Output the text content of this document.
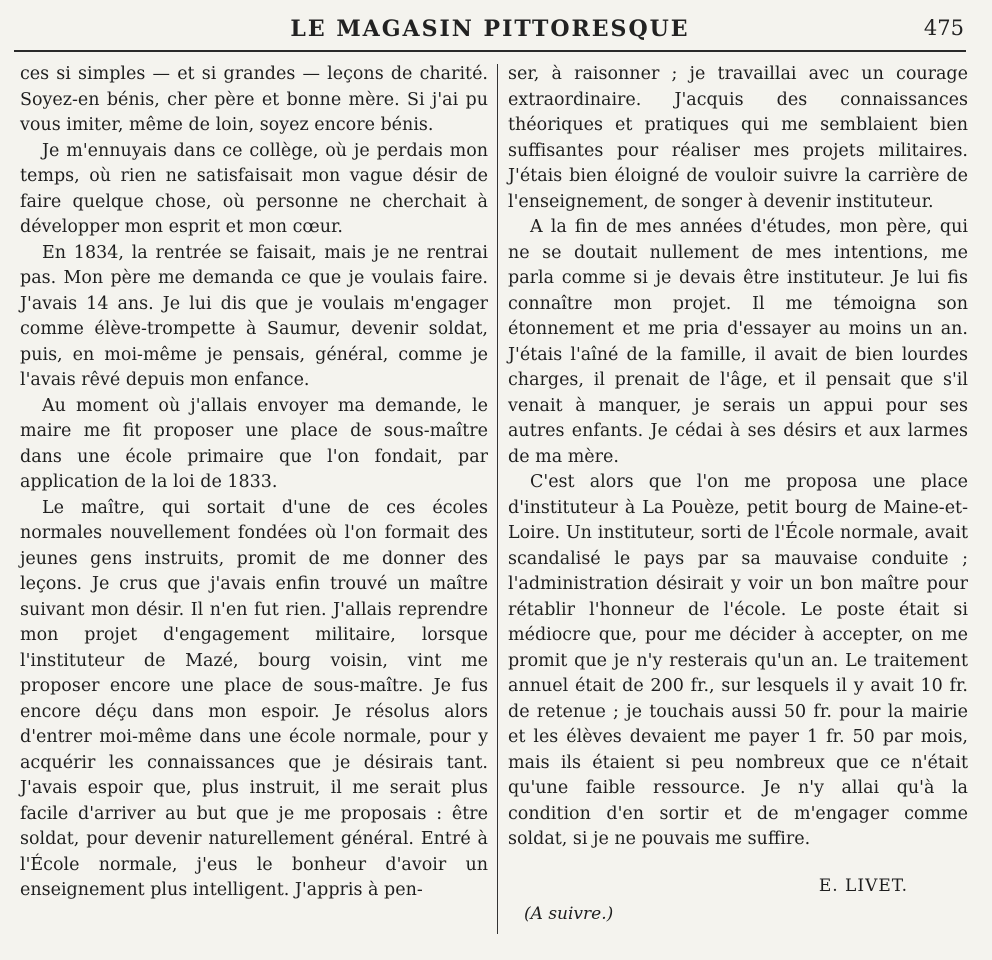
LE MAGASIN PITTORESQUE	475

ces si simples — et si grandes — leçons de charité. Soyez-en bénis, cher père et bonne mère. Si j'ai pu vous imiter, même de loin, soyez encore bénis.

Je m'ennuyais dans ce collège, où je perdais mon temps, où rien ne satisfaisait mon vague désir de faire quelque chose, où personne ne cherchait à développer mon esprit et mon cœur.

En 1834, la rentrée se faisait, mais je ne rentrai pas. Mon père me demanda ce que je voulais faire. J'avais 14 ans. Je lui dis que je voulais m'engager comme élève-trompette à Saumur, devenir soldat, puis, en moi-même je pensais, général, comme je l'avais rêvé depuis mon enfance.

Au moment où j'allais envoyer ma demande, le maire me fit proposer une place de sous-maître dans une école primaire que l'on fondait, par application de la loi de 1833.

Le maître, qui sortait d'une de ces écoles normales nouvellement fondées où l'on formait des jeunes gens instruits, promit de me donner des leçons. Je crus que j'avais enfin trouvé un maître suivant mon désir. Il n'en fut rien. J'allais reprendre mon projet d'engagement militaire, lorsque l'instituteur de Mazé, bourg voisin, vint me proposer encore une place de sous-maître. Je fus encore déçu dans mon espoir. Je résolus alors d'entrer moi-même dans une école normale, pour y acquérir les connaissances que je désirais tant. J'avais espoir que, plus instruit, il me serait plus facile d'arriver au but que je me proposais : être soldat, pour devenir naturellement général. Entré à l'École normale, j'eus le bonheur d'avoir un enseignement plus intelligent. J'appris à pen-

ser, à raisonner ; je travaillai avec un courage extraordinaire. J'acquis des connaissances théoriques et pratiques qui me semblaient bien suffisantes pour réaliser mes projets militaires. J'étais bien éloigné de vouloir suivre la carrière de l'enseignement, de songer à devenir instituteur.

A la fin de mes années d'études, mon père, qui ne se doutait nullement de mes intentions, me parla comme si je devais être instituteur. Je lui fis connaître mon projet. Il me témoigna son étonnement et me pria d'essayer au moins un an. J'étais l'aîné de la famille, il avait de bien lourdes charges, il prenait de l'âge, et il pensait que s'il venait à manquer, je serais un appui pour ses autres enfants. Je cédai à ses désirs et aux larmes de ma mère.

C'est alors que l'on me proposa une place d'instituteur à La Pouèze, petit bourg de Maine-et-Loire. Un instituteur, sorti de l'École normale, avait scandalisé le pays par sa mauvaise conduite ; l'administration désirait y voir un bon maître pour rétablir l'honneur de l'école. Le poste était si médiocre que, pour me décider à accepter, on me promit que je n'y resterais qu'un an. Le traitement annuel était de 200 fr., sur lesquels il y avait 10 fr. de retenue ; je touchais aussi 50 fr. pour la mairie et les élèves devaient me payer 1 fr. 50 par mois, mais ils étaient si peu nombreux que ce n'était qu'une faible ressource. Je n'y allai qu'à la condition d'en sortir et de m'engager comme soldat, si je ne pouvais me suffire.

E. LIVET.
(A suivre.)
